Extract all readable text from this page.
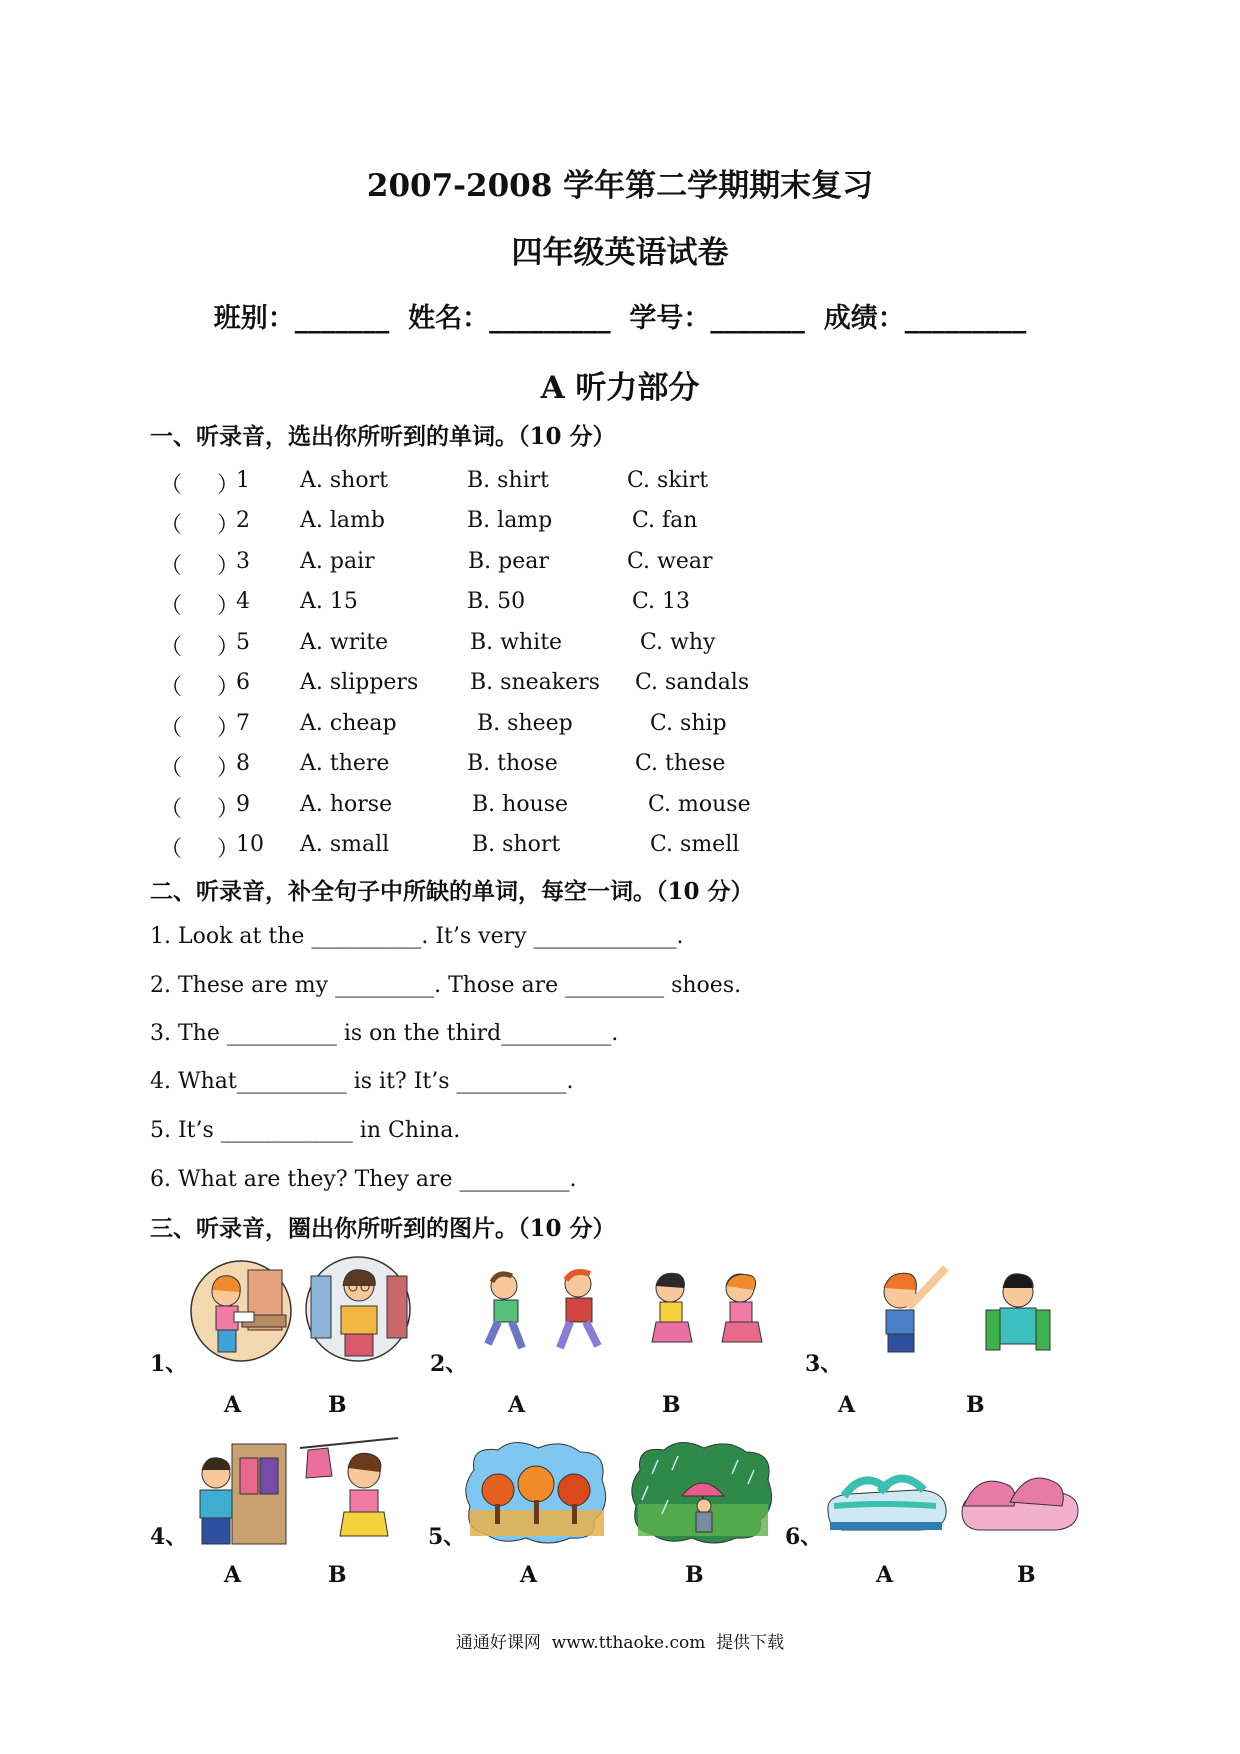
2007-2008 学年第二学期期末复习
四年级英语试卷
班别：_______  姓名：_________  学号：_______  成绩：_________
A 听力部分
一、听录音，选出你所听到的单词。（10 分）
（     ）
1 A. short	B. shirt	C. skirt
（     ）
2 A. lamb	B. lamp	C. fan
（     ）
3 A. pair	B. pear	C. wear
（     ）
4 A. 15	B. 50	C. 13
（     ）
5 A. write	B. white	C. why
（     ）
6 A. slippers B. sneakers C. sandals
（     ）
7 A. cheap	B. sheep	C. ship
（     ）
8 A. there	B. those	C. these
（     ）
9 A. horse	B. house	C. mouse
（     ）
10 A. small	B. short	C. smell
二、听录音，补全句子中所缺的单词，每空一词。（10 分）
1. Look at the __________. It’s very _____________.
2. These are my _________. Those are _________ shoes.
3. The __________ is on the third__________.
4. What__________ is it? It’s __________.
5. It’s ____________ in China.
6. What are they? They are __________.
三、听录音，圈出你所听到的图片。（10 分）
1、	2、	3、
A	B	A	B	A	B
4、	5、	6、
A	B	A	B	A	B
通通好课网  www.tthaoke.com  提供下载
